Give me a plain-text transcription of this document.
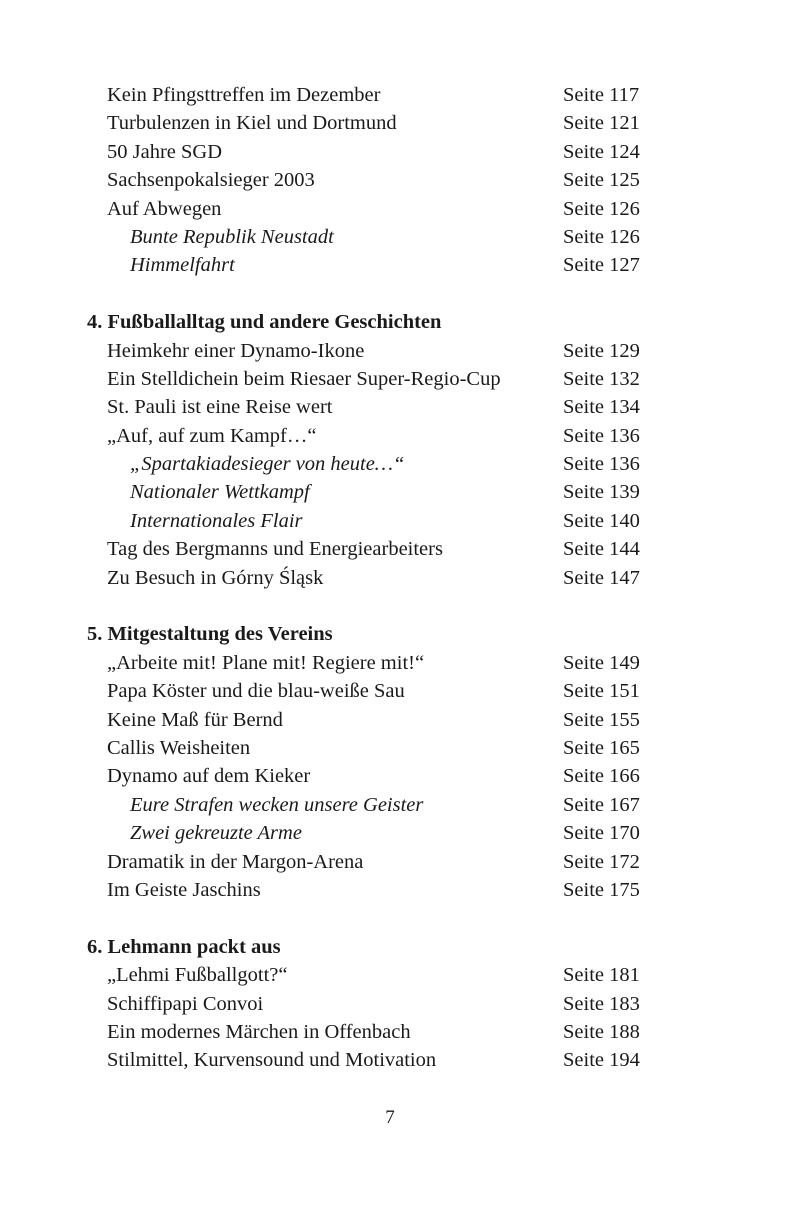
Kein Pfingsttreffen im Dezember	Seite 117
Turbulenzen in Kiel und Dortmund	Seite 121
50 Jahre SGD	Seite 124
Sachsenpokalsieger 2003	Seite 125
Auf Abwegen	Seite 126
Bunte Republik Neustadt	Seite 126
Himmelfahrt	Seite 127
4. Fußballalltag und andere Geschichten
Heimkehr einer Dynamo-Ikone	Seite 129
Ein Stelldichein beim Riesaer Super-Regio-Cup	Seite 132
St. Pauli ist eine Reise wert	Seite 134
„Auf, auf zum Kampf…“	Seite 136
„Spartakiadesieger von heute…“	Seite 136
Nationaler Wettkampf	Seite 139
Internationales Flair	Seite 140
Tag des Bergmanns und Energiearbeiters	Seite 144
Zu Besuch in Górny Śląsk	Seite 147
5. Mitgestaltung des Vereins
„Arbeite mit! Plane mit! Regiere mit!“	Seite 149
Papa Köster und die blau-weiße Sau	Seite 151
Keine Maß für Bernd	Seite 155
Callis Weisheiten	Seite 165
Dynamo auf dem Kieker	Seite 166
Eure Strafen wecken unsere Geister	Seite 167
Zwei gekreuzte Arme	Seite 170
Dramatik in der Margon-Arena	Seite 172
Im Geiste Jaschins	Seite 175
6. Lehmann packt aus
„Lehmi Fußballgott?“	Seite 181
Schiffipapi Convoi	Seite 183
Ein modernes Märchen in Offenbach	Seite 188
Stilmittel, Kurvensound und Motivation	Seite 194
7
